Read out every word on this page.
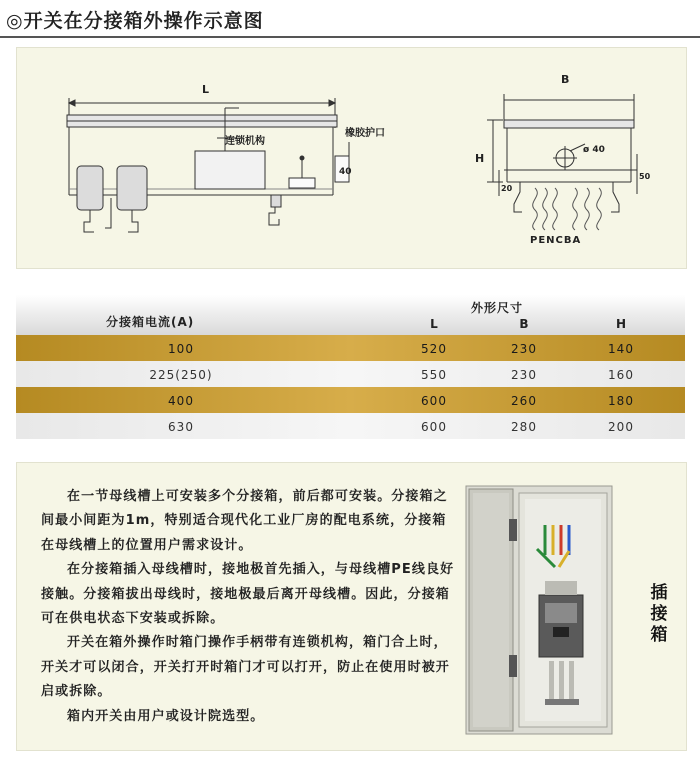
◎开关在分接箱外操作示意图
L
连锁机构
橡胶护口
40
B
H
ø 40
20
50
PENCBA
分接箱电流(A)
外形尺寸
L	B	H
100	520	230	140
225(250)	550	230	160
400	600	260	180
630	600	280	200

在一节母线槽上可安装多个分接箱，前后都可安装。分接箱之间最小间距为1m，特别适合现代化工业厂房的配电系统，分接箱在母线槽上的位置用户需求设计。

在分接箱插入母线槽时，接地极首先插入，与母线槽PE线良好接触。分接箱拔出母线时，接地极最后离开母线槽。因此，分接箱可在供电状态下安装或拆除。

开关在箱外操作时箱门操作手柄带有连锁机构，箱门合上时，开关才可以闭合，开关打开时箱门才可以打开，防止在使用时被开启或拆除。

箱内开关由用户或设计院选型。

插接箱
